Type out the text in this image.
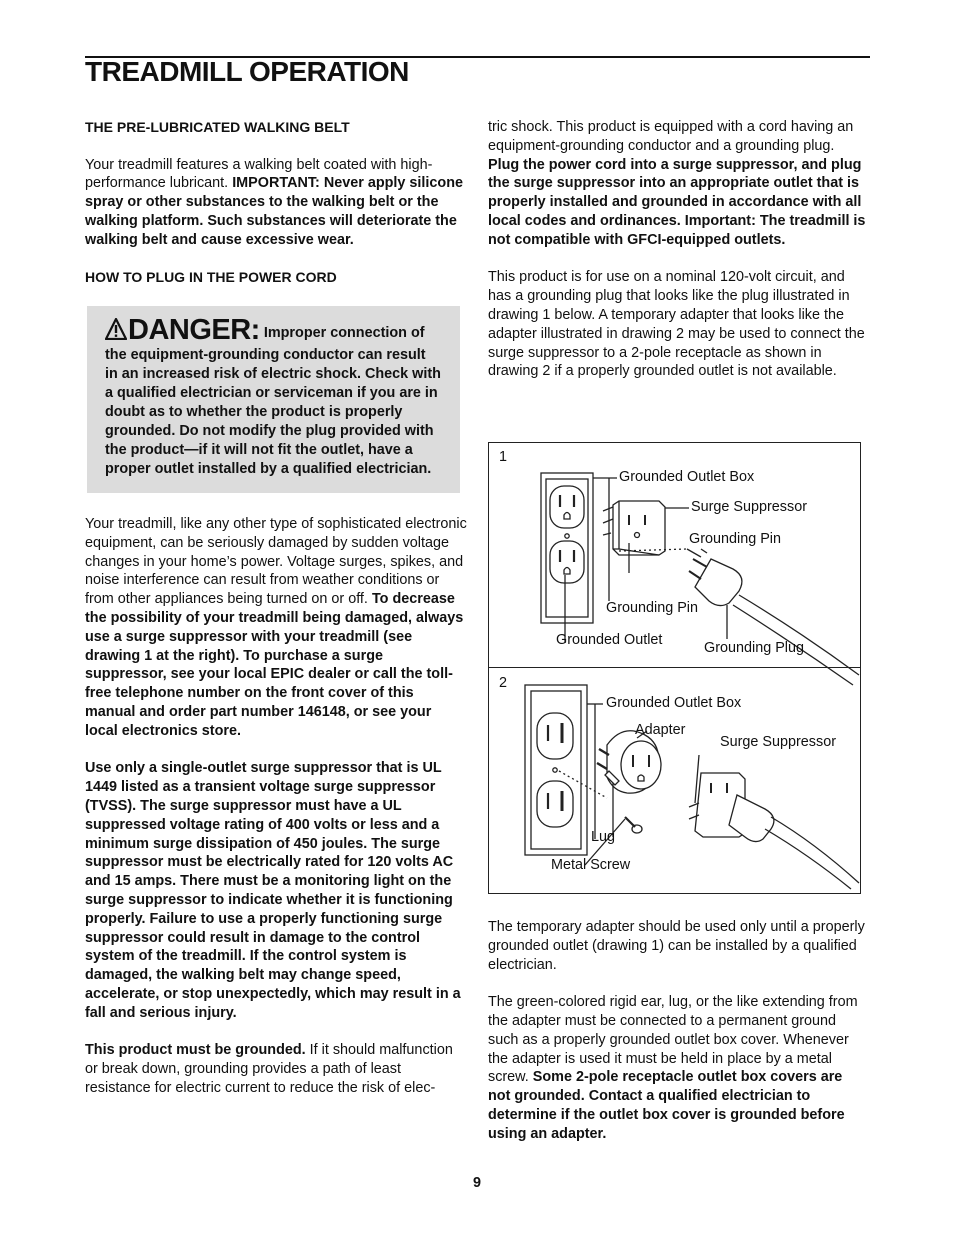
TREADMILL OPERATION
THE PRE-LUBRICATED WALKING BELT

Your treadmill features a walking belt coated with high-performance lubricant. IMPORTANT: Never apply silicone spray or other substances to the walking belt or the walking platform. Such substances will deteriorate the walking belt and cause excessive wear.

HOW TO PLUG IN THE POWER CORD
DANGER: Improper connection of the equipment-grounding conductor can result in an increased risk of electric shock. Check with a qualified electrician or serviceman if you are in doubt as to whether the product is properly grounded. Do not modify the plug provided with the product—if it will not fit the outlet, have a proper outlet installed by a qualified electrician.

Your treadmill, like any other type of sophisticated electronic equipment, can be seriously damaged by sudden voltage changes in your home’s power. Voltage surges, spikes, and noise interference can result from weather conditions or from other appliances being turned on or off. To decrease the possibility of your treadmill being damaged, always use a surge suppressor with your treadmill (see drawing 1 at the right). To purchase a surge suppressor, see your local EPIC dealer or call the toll-free telephone number on the front cover of this manual and order part number 146148, or see your local electronics store.

Use only a single-outlet surge suppressor that is UL 1449 listed as a transient voltage surge suppressor (TVSS). The surge suppressor must have a UL suppressed voltage rating of 400 volts or less and a minimum surge dissipation of 450 joules. The surge suppressor must be electrically rated for 120 volts AC and 15 amps. There must be a monitoring light on the surge suppressor to indicate whether it is functioning properly. Failure to use a properly functioning surge suppressor could result in damage to the control system of the treadmill. If the control system is damaged, the walking belt may change speed, accelerate, or stop unexpectedly, which may result in a fall and serious injury.

This product must be grounded. If it should malfunction or break down, grounding provides a path of least resistance for electric current to reduce the risk of elec-

tric shock. This product is equipped with a cord having an equipment-grounding conductor and a grounding plug. Plug the power cord into a surge suppressor, and plug the surge suppressor into an appropriate outlet that is properly installed and grounded in accordance with all local codes and ordinances. Important: The treadmill is not compatible with GFCI-equipped outlets.

This product is for use on a nominal 120-volt circuit, and has a grounding plug that looks like the plug illustrated in drawing 1 below. A temporary adapter that looks like the adapter illustrated in drawing 2 may be used to connect the surge suppressor to a 2-pole receptacle as shown in drawing 2 if a properly grounded outlet is not available.

The temporary adapter should be used only until a properly grounded outlet (drawing 1) can be installed by a qualified electrician.

The green-colored rigid ear, lug, or the like extending from the adapter must be connected to a permanent ground such as a properly grounded outlet box cover. Whenever the adapter is used it must be held in place by a metal screw. Some 2-pole receptacle outlet box covers are not grounded. Contact a qualified electrician to determine if the outlet box cover is grounded before using an adapter.

1
Grounded Outlet Box
Surge Suppressor
Grounding Pin
Grounding Pin
Grounded Outlet	Grounding Plug
2
Grounded Outlet Box
Adapter
Surge Suppressor
Lug
Metal Screw
9
